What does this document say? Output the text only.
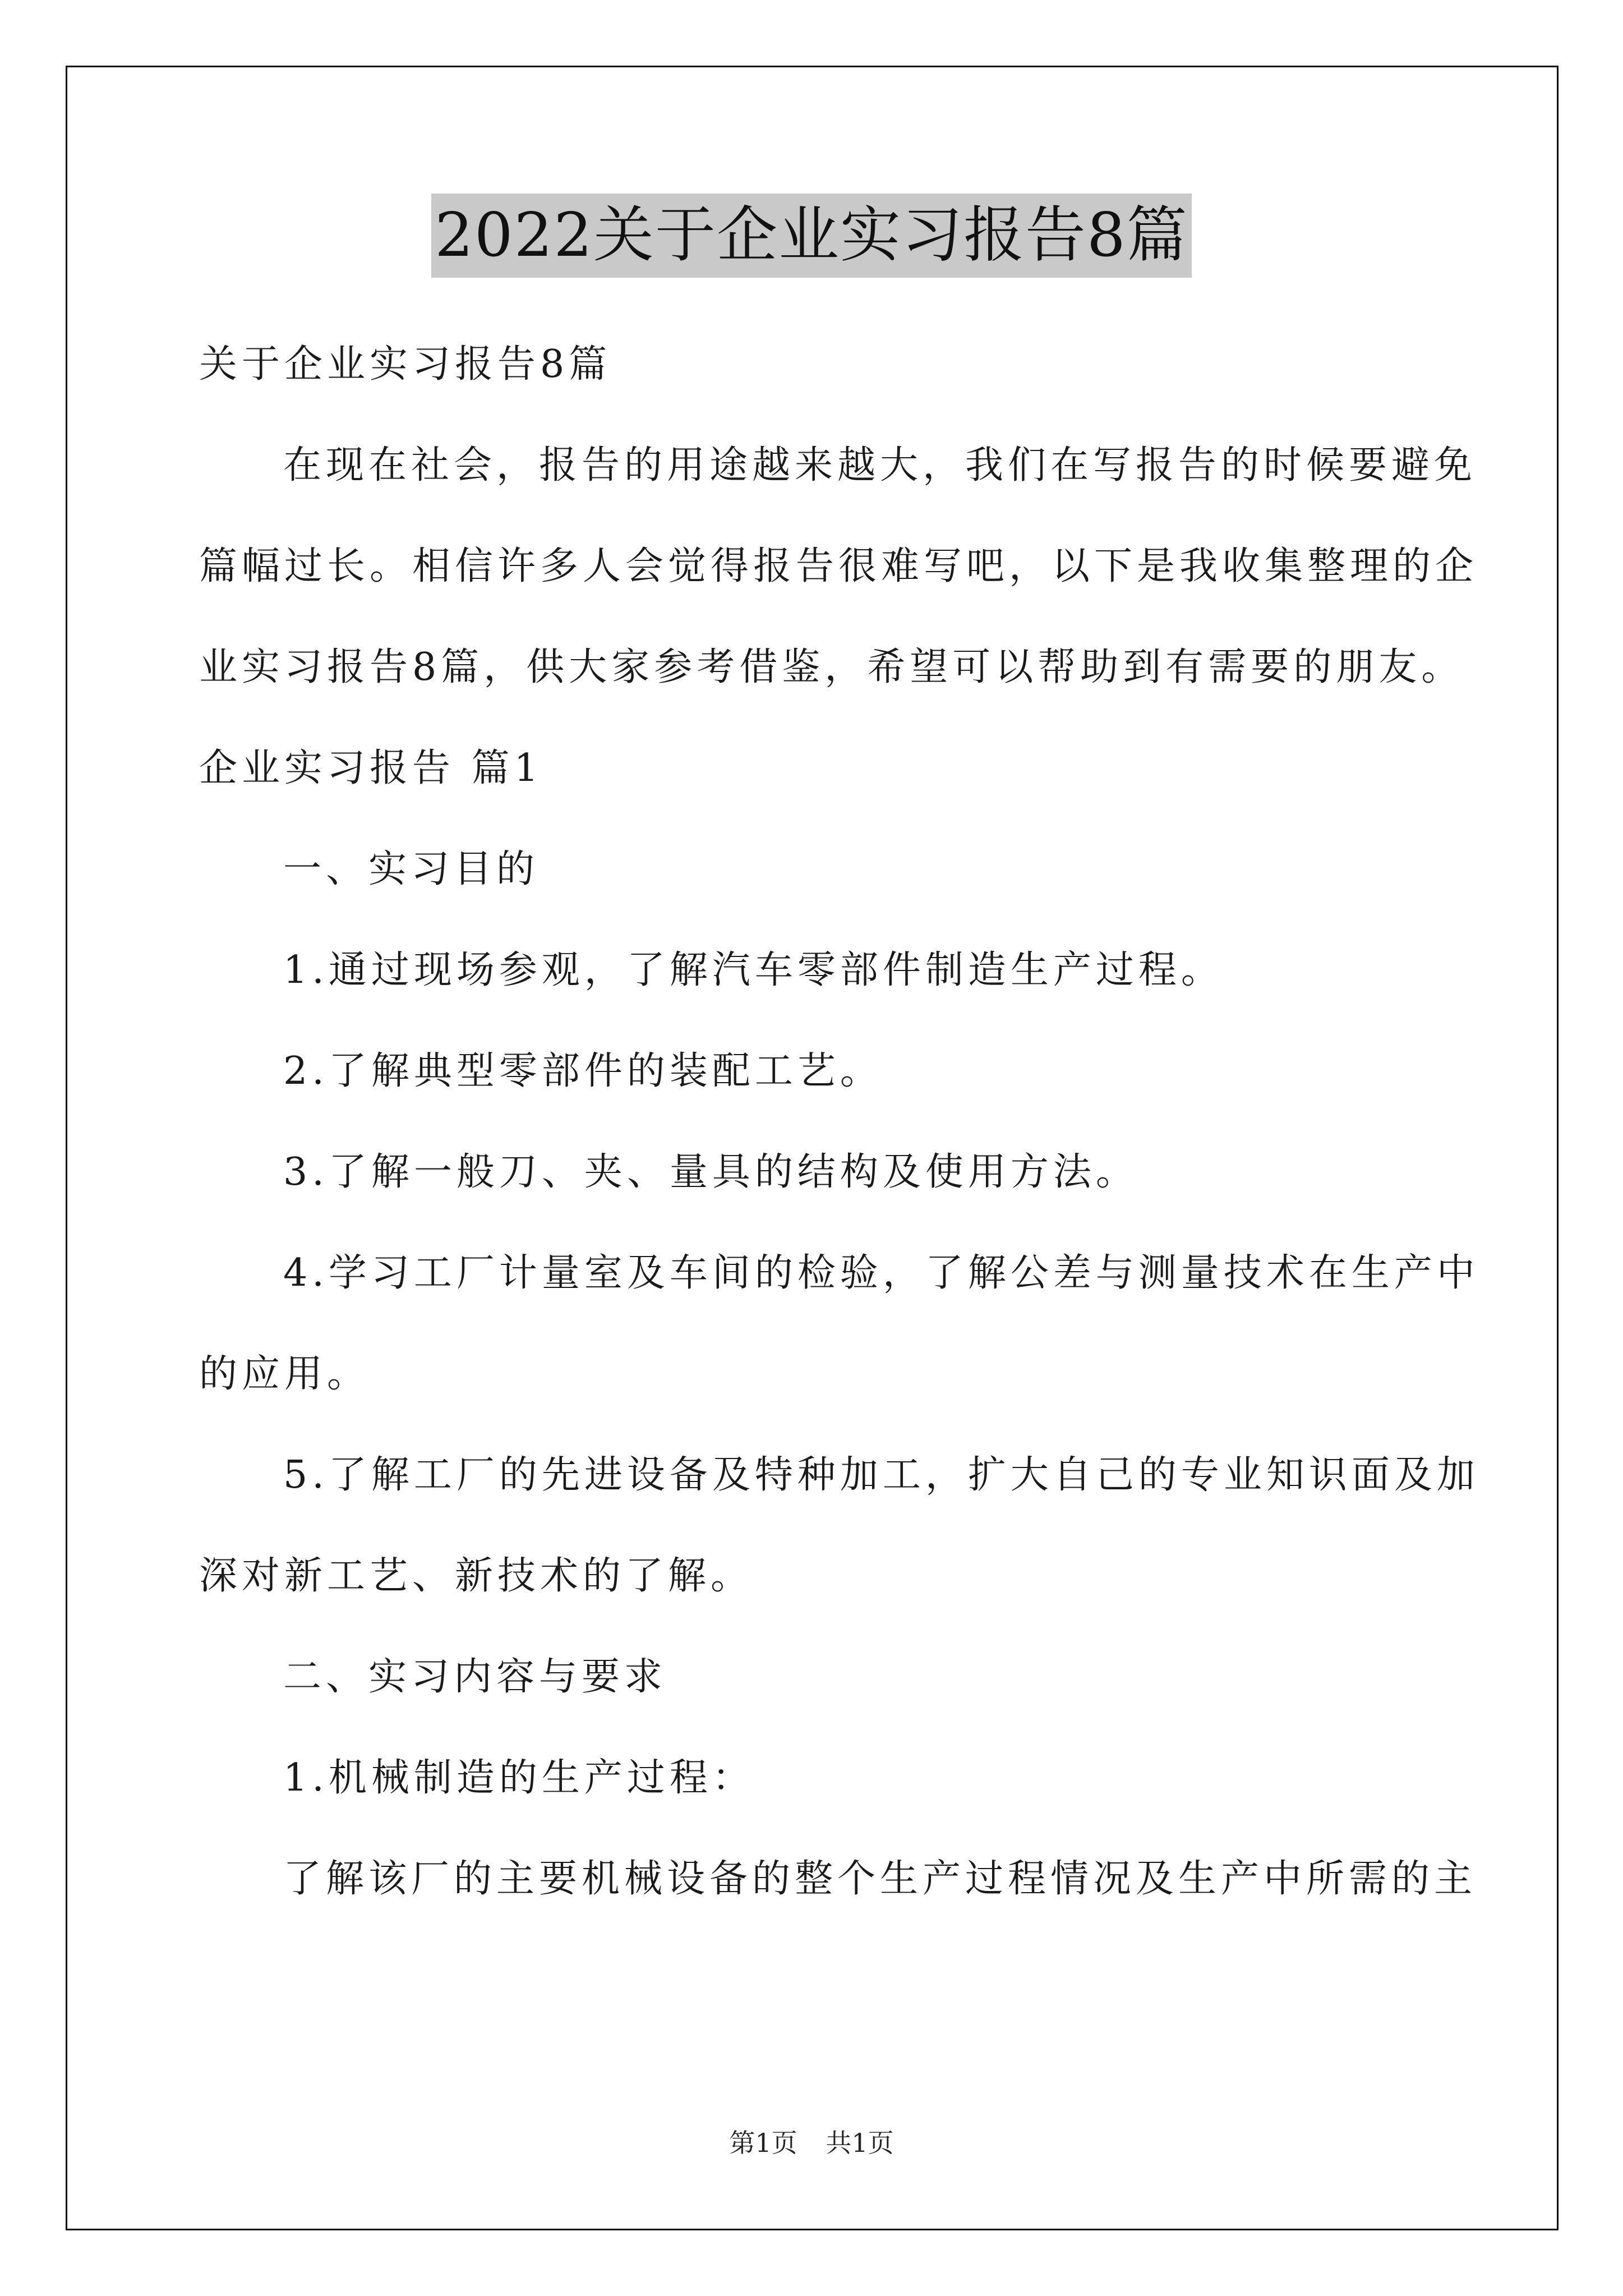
2022关于企业实习报告8篇
关于企业实习报告8篇
在现在社会，报告的用途越来越大，我们在写报告的时候要避免
篇幅过长。相信许多人会觉得报告很难写吧，以下是我收集整理的企
业实习报告8篇，供大家参考借鉴，希望可以帮助到有需要的朋友。
企业实习报告 篇1
一、实习目的
1.通过现场参观，了解汽车零部件制造生产过程。
2.了解典型零部件的装配工艺。
3.了解一般刀、夹、量具的结构及使用方法。
4.学习工厂计量室及车间的检验，了解公差与测量技术在生产中
的应用。
5.了解工厂的先进设备及特种加工，扩大自己的专业知识面及加
深对新工艺、新技术的了解。
二、实习内容与要求
1.机械制造的生产过程：
了解该厂的主要机械设备的整个生产过程情况及生产中所需的主
第1页 共1页
